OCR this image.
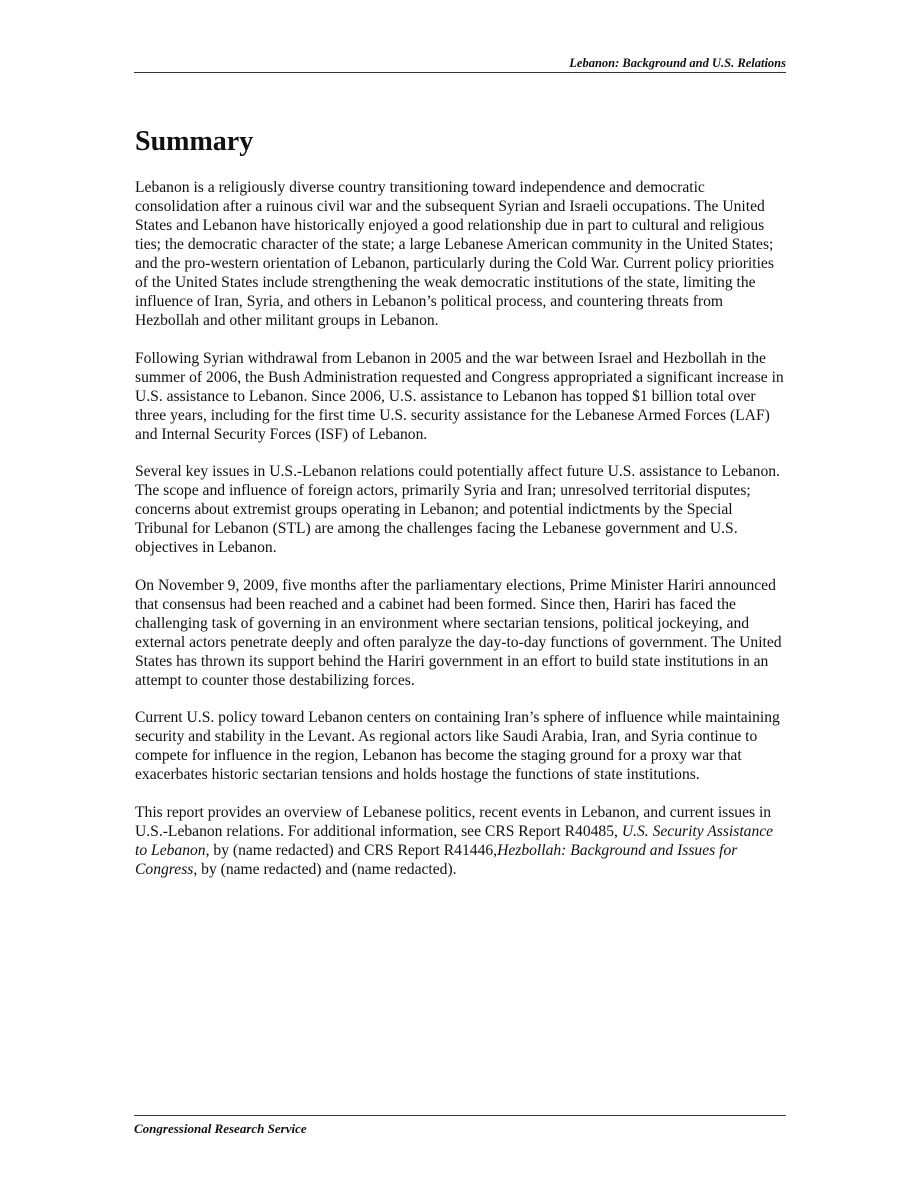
Lebanon: Background and U.S. Relations
Summary

Lebanon is a religiously diverse country transitioning toward independence and democratic consolidation after a ruinous civil war and the subsequent Syrian and Israeli occupations. The United States and Lebanon have historically enjoyed a good relationship due in part to cultural and religious ties; the democratic character of the state; a large Lebanese American community in the United States; and the pro-western orientation of Lebanon, particularly during the Cold War. Current policy priorities of the United States include strengthening the weak democratic institutions of the state, limiting the influence of Iran, Syria, and others in Lebanon’s political process, and countering threats from Hezbollah and other militant groups in Lebanon.

Following Syrian withdrawal from Lebanon in 2005 and the war between Israel and Hezbollah in the summer of 2006, the Bush Administration requested and Congress appropriated a significant increase in U.S. assistance to Lebanon. Since 2006, U.S. assistance to Lebanon has topped $1 billion total over three years, including for the first time U.S. security assistance for the Lebanese Armed Forces (LAF) and Internal Security Forces (ISF) of Lebanon.

Several key issues in U.S.-Lebanon relations could potentially affect future U.S. assistance to Lebanon. The scope and influence of foreign actors, primarily Syria and Iran; unresolved territorial disputes; concerns about extremist groups operating in Lebanon; and potential indictments by the Special Tribunal for Lebanon (STL) are among the challenges facing the Lebanese government and U.S. objectives in Lebanon.

On November 9, 2009, five months after the parliamentary elections, Prime Minister Hariri announced that consensus had been reached and a cabinet had been formed. Since then, Hariri has faced the challenging task of governing in an environment where sectarian tensions, political jockeying, and external actors penetrate deeply and often paralyze the day-to-day functions of government. The United States has thrown its support behind the Hariri government in an effort to build state institutions in an attempt to counter those destabilizing forces.

Current U.S. policy toward Lebanon centers on containing Iran’s sphere of influence while maintaining security and stability in the Levant. As regional actors like Saudi Arabia, Iran, and Syria continue to compete for influence in the region, Lebanon has become the staging ground for a proxy war that exacerbates historic sectarian tensions and holds hostage the functions of state institutions.

This report provides an overview of Lebanese politics, recent events in Lebanon, and current issues in U.S.-Lebanon relations. For additional information, see CRS Report R40485, U.S. Security Assistance to Lebanon, by (name redacted) and CRS Report R41446,Hezbollah: Background and Issues for Congress, by (name redacted) and (name redacted).

Congressional Research Service
